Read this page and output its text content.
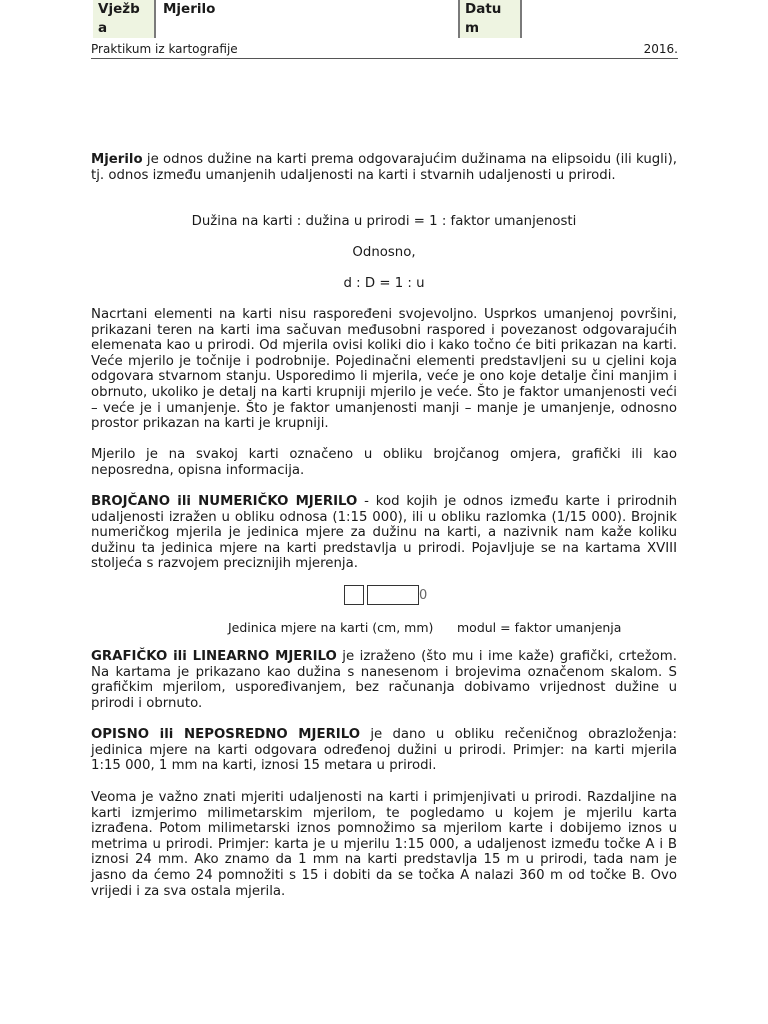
Praktikum iz kartografije	2016.
Vježb
a
Mjerilo	Datu
m

Mjerilo je odnos dužine na karti prema odgovarajućim dužinama na elipsoidu (ili kugli), tj. odnos između umanjenih udaljenosti na karti i stvarnih udaljenosti u prirodi.

Dužina na karti : dužina u prirodi = 1 : faktor umanjenosti

Odnosno,

d : D = 1 : u

Nacrtani elementi na karti nisu raspoređeni svojevoljno. Usprkos umanjenoj površini, prikazani teren na karti ima sačuvan međusobni raspored i povezanost odgovarajućih elemenata kao u prirodi. Od mjerila ovisi koliki dio i kako točno će biti prikazan na karti. Veće mjerilo je točnije i podrobnije. Pojedinačni elementi predstavljeni su u cjelini koja odgovara stvarnom stanju. Usporedimo li mjerila, veće je ono koje detalje čini manjim i obrnuto, ukoliko je detalj na karti krupniji mjerilo je veće. Što je faktor umanjenosti veći – veće je i umanjenje. Što je faktor umanjenosti manji – manje je umanjenje, odnosno prostor prikazan na karti je krupniji.

Mjerilo je na svakoj karti označeno u obliku brojčanog omjera, grafički ili kao neposredna, opisna informacija.

BROJČANO ili NUMERIČKO MJERILO - kod kojih je odnos između karte i prirodnih udaljenosti izražen u obliku odnosa (1:15 000), ili u obliku razlomka (1/15 000). Brojnik numeričkog mjerila je jedinica mjere za dužinu na karti, a nazivnik nam kaže koliku dužinu ta jedinica mjere na karti predstavlja u prirodi. Pojavljuje se na kartama XVIII stoljeća s razvojem preciznijih mjerenja.

0
Jedinica mjere na karti (cm, mm) modul = faktor umanjenja

GRAFIČKO ili LINEARNO MJERILO je izraženo (što mu i ime kaže) grafički, crtežom. Na kartama je prikazano kao dužina s nanesenom i brojevima označenom skalom. S grafičkim mjerilom, uspoređivanjem, bez računanja dobivamo vrijednost dužine u prirodi i obrnuto.

OPISNO ili NEPOSREDNO MJERILO je dano u obliku rečeničnog obrazloženja: jedinica mjere na karti odgovara određenoj dužini u prirodi. Primjer: na karti mjerila 1:15 000, 1 mm na karti, iznosi 15 metara u prirodi.

Veoma je važno znati mjeriti udaljenosti na karti i primjenjivati u prirodi. Razdaljine na karti izmjerimo milimetarskim mjerilom, te pogledamo u kojem je mjerilu karta izrađena. Potom milimetarski iznos pomnožimo sa mjerilom karte i dobijemo iznos u metrima u prirodi. Primjer: karta je u mjerilu 1:15 000, a udaljenost između točke A i B iznosi 24 mm. Ako znamo da 1 mm na karti predstavlja 15 m u prirodi, tada nam je jasno da ćemo 24 pomnožiti s 15 i dobiti da se točka A nalazi 360 m od točke B. Ovo vrijedi i za sva ostala mjerila.
